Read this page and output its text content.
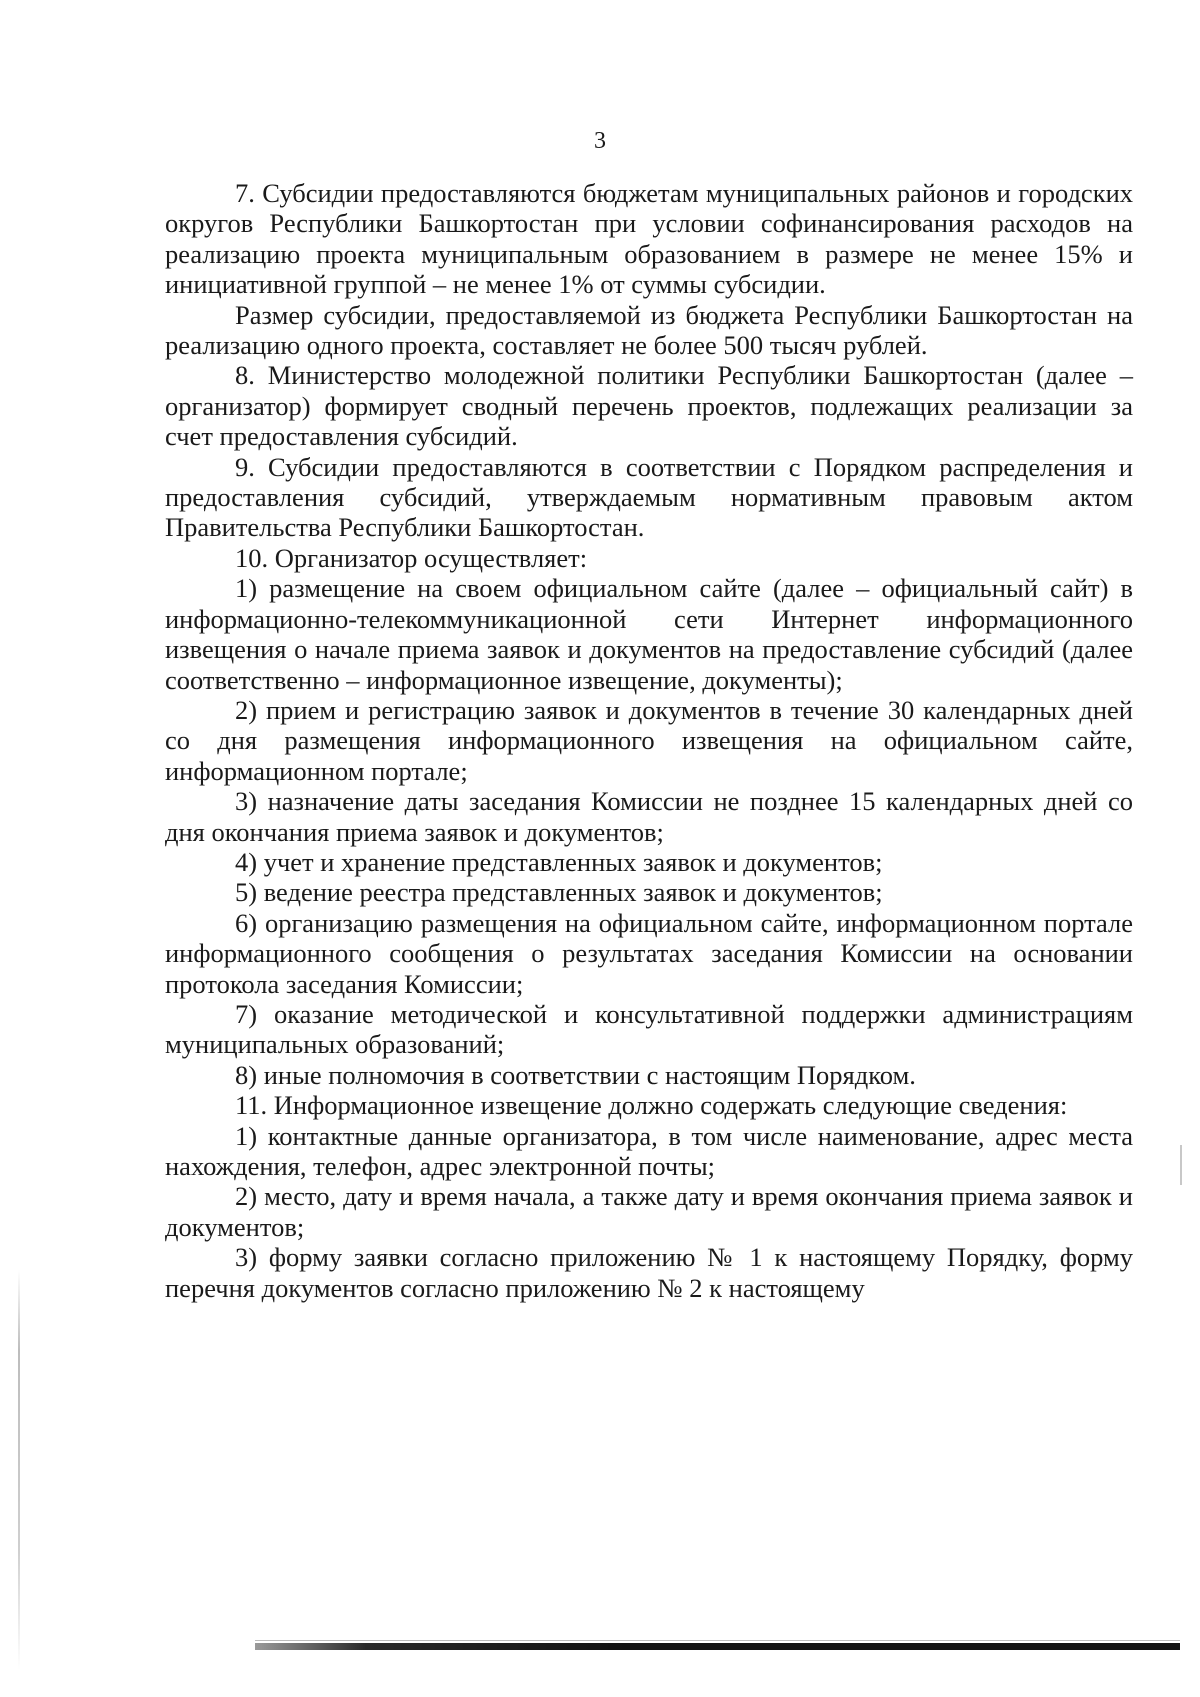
3

7. Субсидии предоставляются бюджетам муниципальных районов и городских округов Республики Башкортостан при условии софинансирования расходов на реализацию проекта муниципальным образованием в размере не менее 15% и инициативной группой – не менее 1% от суммы субсидии.

Размер субсидии, предоставляемой из бюджета Республики Башкортостан на реализацию одного проекта, составляет не более 500 тысяч рублей.

8. Министерство молодежной политики Республики Башкортостан (далее – организатор) формирует сводный перечень проектов, подлежащих реализации за счет предоставления субсидий.

9. Субсидии предоставляются в соответствии с Порядком распределения и предоставления субсидий, утверждаемым нормативным правовым актом Правительства Республики Башкортостан.

10. Организатор осуществляет:

1) размещение на своем официальном сайте (далее – официальный сайт) в информационно-телекоммуникационной сети Интернет информационного извещения о начале приема заявок и документов на предоставление субсидий (далее соответственно – информационное извещение, документы);

2) прием и регистрацию заявок и документов в течение 30 календарных дней со дня размещения информационного извещения на официальном сайте, информационном портале;

3) назначение даты заседания Комиссии не позднее 15 календарных дней со дня окончания приема заявок и документов;

4) учет и хранение представленных заявок и документов;

5) ведение реестра представленных заявок и документов;

6) организацию размещения на официальном сайте, информационном портале информационного сообщения о результатах заседания Комиссии на основании протокола заседания Комиссии;

7) оказание методической и консультативной поддержки администрациям муниципальных образований;

8) иные полномочия в соответствии с настоящим Порядком.

11. Информационное извещение должно содержать следующие сведения:

1) контактные данные организатора, в том числе наименование, адрес места нахождения, телефон, адрес электронной почты;

2) место, дату и время начала, а также дату и время окончания приема заявок и документов;

3) форму заявки согласно приложению № 1 к настоящему Порядку, форму перечня документов согласно приложению № 2 к настоящему
